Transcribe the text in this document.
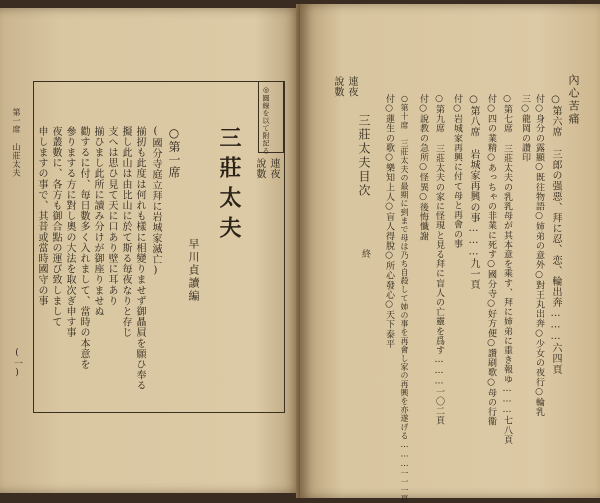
第一席 山莊太夫
(一)
◎圓線を以て附記る
連夜
說數
三莊太夫
早川貞讀編
○第一席
(國分寺庭立拜に岩城家滅亡)
揃扨も此度は何れも樣に相變りませず御贔屓を願ひ奉る
擬し此山は由比山に於て斯る毎夜なりと存じ
支へは思ひ見て天に口あり壁に耳あり
揃ひまし此所に讀み分けが御座りませぬ
勸するに付、毎日數多く入れまして、當時の本意を
參りまする方に對し奧の大法を取次ぎ申す事
夜叢數に、各方も御合點の運び致しまして
申しますの事で、其昔或當時國守の事
內心苦痛
○第六席 三郎の强惡、拜に忍、恋、輪出奔………六四頁
付○身分の露顯○既往物語○姉弟の意外○對王丸出奔○少女の夜行○輪乳
三○龍岡の讚印
○第七席 三莊太夫の乳乳母が其本意を乘す、拜に姉弟に重き報ゆ………七八頁
付○四の業精○あっちゃの非業に死す○國分寺○好方便○讚刷歌○母の行衞
○第八席 岩城家再興の事………九一頁
付○岩城家再興に付て母と再會の事
○第九席 三莊太夫の家に怪現と見る拜に盲人の亡靈を爲す………一〇二頁
付○說教の急所○怪異○後悔懺謝
○第十席 三莊太夫の最期に到まで母は乃ち自殺して姉の事を再會し家の再興を亦遂げる………一一一頁
付○蓮生の歌○樂知上人○盲人得脫○所心發心○天下泰平
連夜
說數
三莊太夫目次
終
